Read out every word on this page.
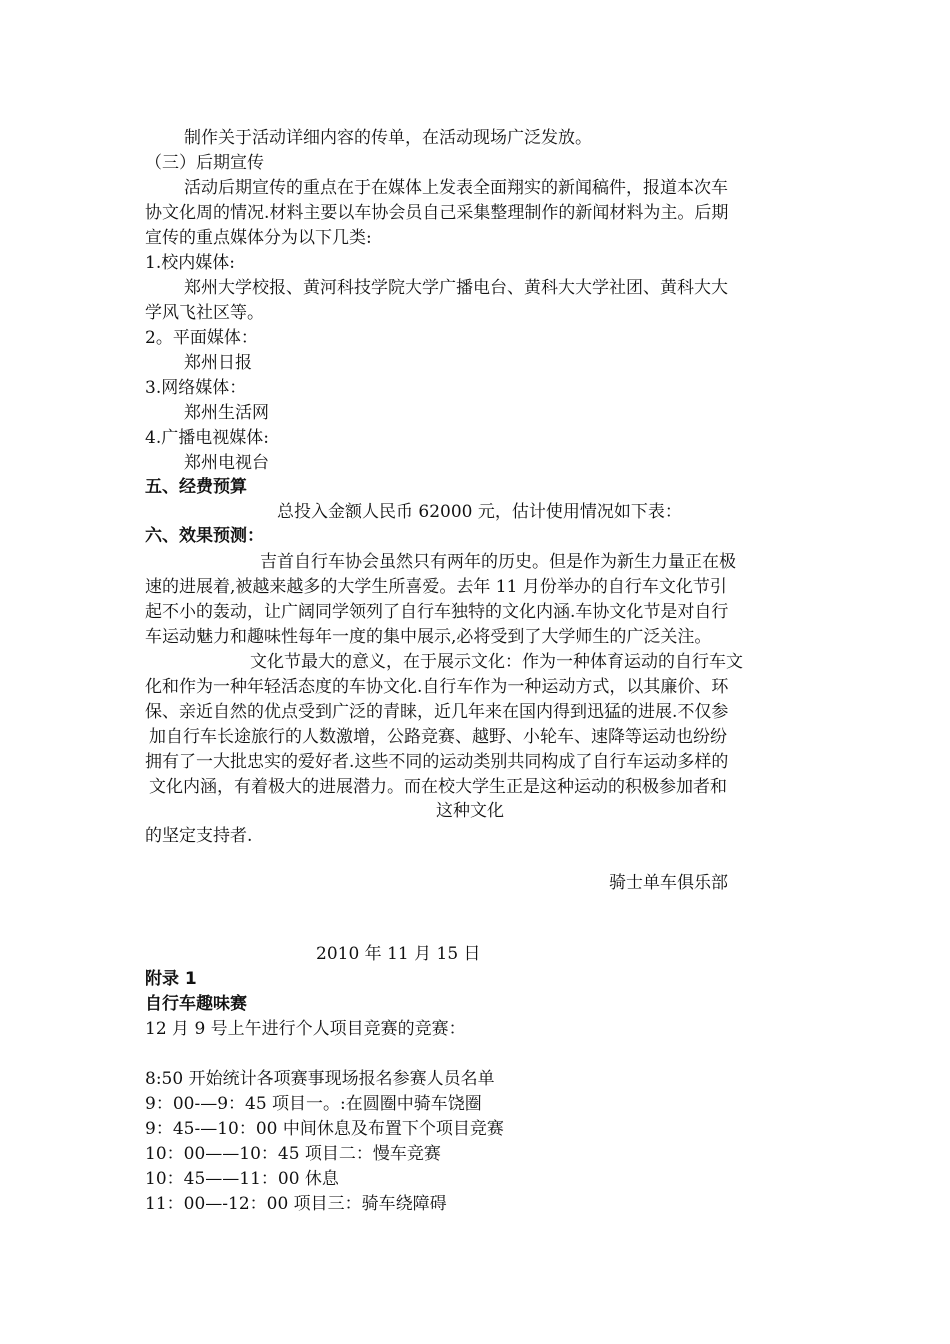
制作关于活动详细内容的传单，在活动现场广泛发放。
（三）后期宣传
活动后期宣传的重点在于在媒体上发表全面翔实的新闻稿件，报道本次车
协文化周的情况.材料主要以车协会员自己采集整理制作的新闻材料为主。后期
宣传的重点媒体分为以下几类:
1.校内媒体:
郑州大学校报、黄河科技学院大学广播电台、黄科大大学社团、黄科大大
学风飞社区等。
2。平面媒体：
郑州日报
3.网络媒体：
郑州生活网
4.广播电视媒体:
郑州电视台
五、经费预算
总投入金额人民币 62000 元，估计使用情况如下表：
六、效果预测：
吉首自行车协会虽然只有两年的历史。但是作为新生力量正在极
速的进展着,被越来越多的大学生所喜爱。去年 11 月份举办的自行车文化节引
起不小的轰动，让广阔同学领列了自行车独特的文化内涵.车协文化节是对自行
车运动魅力和趣味性每年一度的集中展示,必将受到了大学师生的广泛关注。
文化节最大的意义，在于展示文化：作为一种体育运动的自行车文
化和作为一种年轻活态度的车协文化.自行车作为一种运动方式，以其廉价、环
保、亲近自然的优点受到广泛的青睐，近几年来在国内得到迅猛的进展.不仅参
加自行车长途旅行的人数激增，公路竞赛、越野、小轮车、速降等运动也纷纷
拥有了一大批忠实的爱好者.这些不同的运动类别共同构成了自行车运动多样的
文化内涵，有着极大的进展潜力。而在校大学生正是这种运动的积极参加者和
这种文化
的坚定支持者.
骑士单车俱乐部
2010 年 11 月 15 日
附录 1
自行车趣味赛
12 月 9 号上午进行个人项目竞赛的竞赛：
8:50 开始统计各项赛事现场报名参赛人员名单
9：00-—9：45 项目一。:在圆圈中骑车饶圈
9：45-—10：00 中间休息及布置下个项目竞赛
10：00——10：45 项目二：慢车竞赛
10：45——11：00 休息
11：00—-12：00 项目三：骑车绕障碍
